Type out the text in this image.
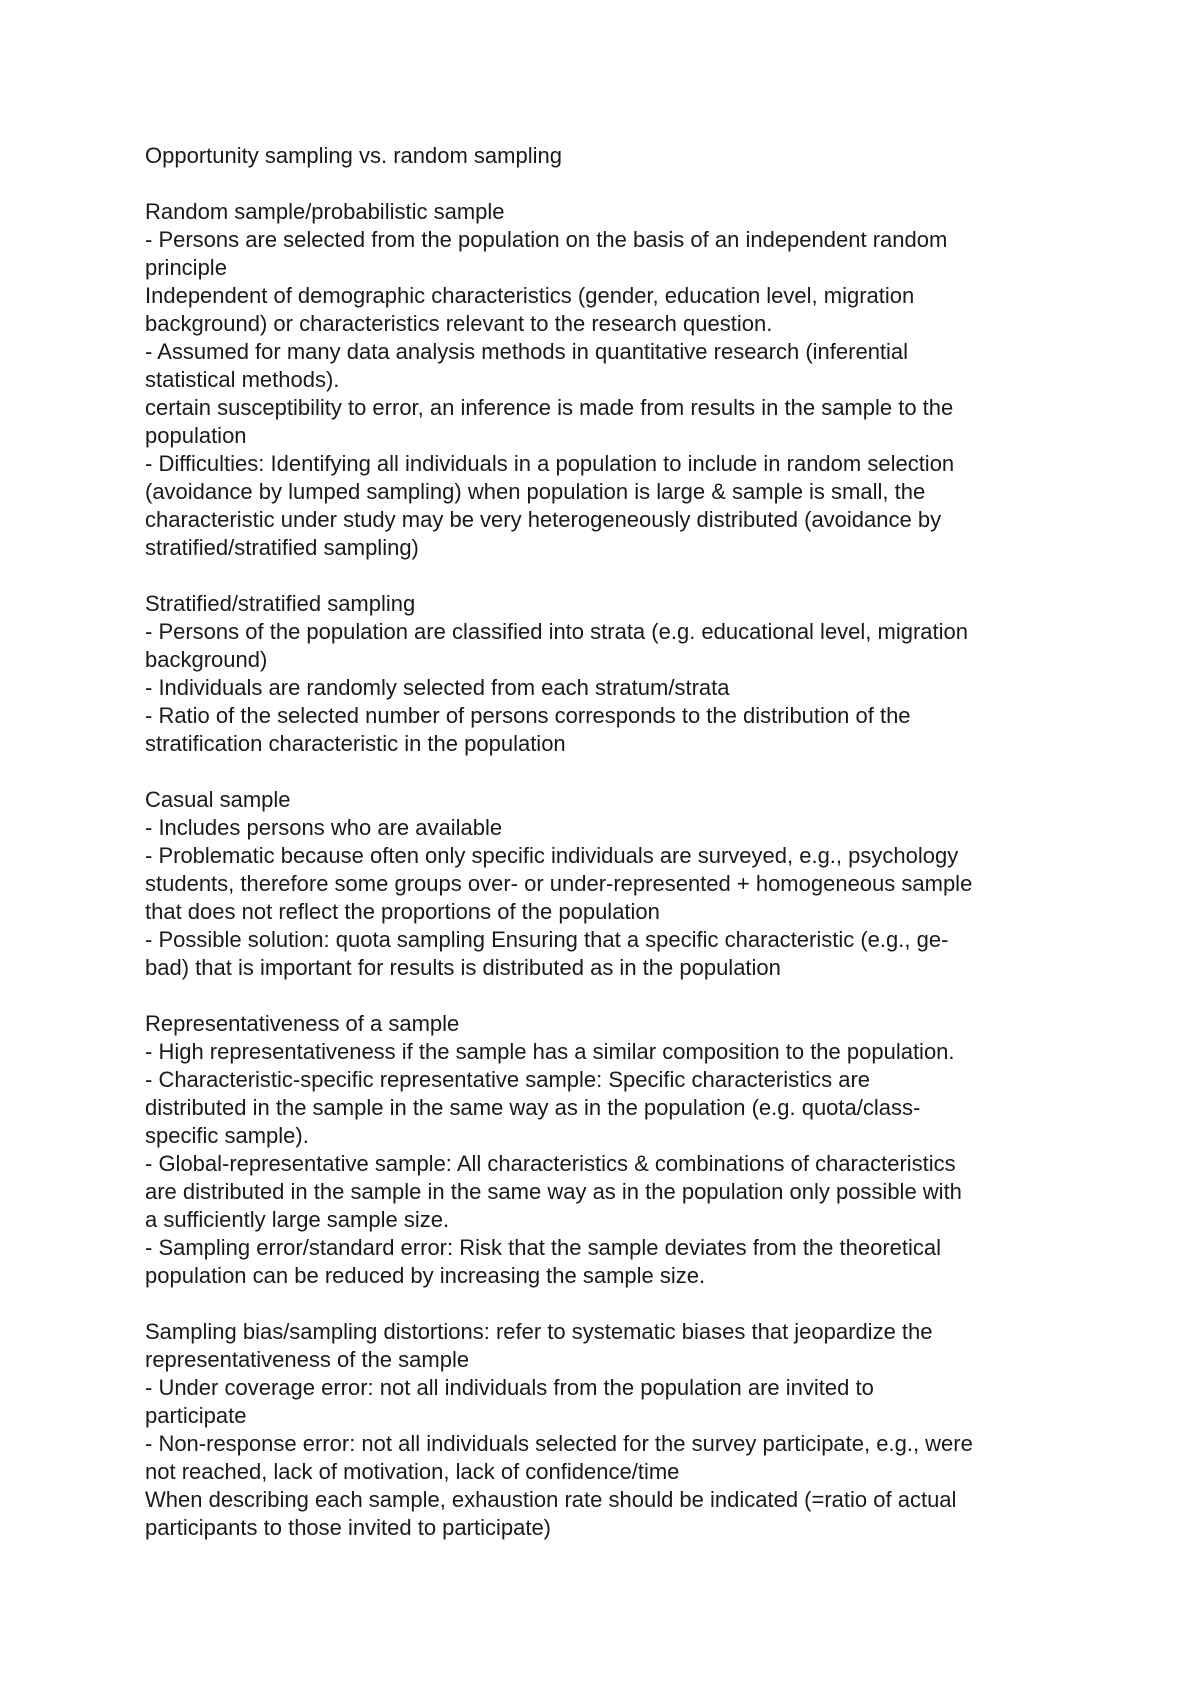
Opportunity sampling vs. random sampling
Random sample/probabilistic sample
- Persons are selected from the population on the basis of an independent random
principle
Independent of demographic characteristics (gender, education level, migration
background) or characteristics relevant to the research question.
- Assumed for many data analysis methods in quantitative research (inferential
statistical methods).
certain susceptibility to error, an inference is made from results in the sample to the
population
- Difficulties: Identifying all individuals in a population to include in random selection
(avoidance by lumped sampling) when population is large & sample is small, the
characteristic under study may be very heterogeneously distributed (avoidance by
stratified/stratified sampling)
Stratified/stratified sampling
- Persons of the population are classified into strata (e.g. educational level, migration
background)
- Individuals are randomly selected from each stratum/strata
- Ratio of the selected number of persons corresponds to the distribution of the
stratification characteristic in the population
Casual sample
- Includes persons who are available
- Problematic because often only specific individuals are surveyed, e.g., psychology
students, therefore some groups over- or under-represented + homogeneous sample
that does not reflect the proportions of the population
- Possible solution: quota sampling Ensuring that a specific characteristic (e.g., ge-
bad) that is important for results is distributed as in the population
Representativeness of a sample
- High representativeness if the sample has a similar composition to the population.
- Characteristic-specific representative sample: Specific characteristics are
distributed in the sample in the same way as in the population (e.g. quota/class-
specific sample).
- Global-representative sample: All characteristics & combinations of characteristics
are distributed in the sample in the same way as in the population only possible with
a sufficiently large sample size.
- Sampling error/standard error: Risk that the sample deviates from the theoretical
population can be reduced by increasing the sample size.
Sampling bias/sampling distortions: refer to systematic biases that jeopardize the
representativeness of the sample
- Under coverage error: not all individuals from the population are invited to
participate
- Non-response error: not all individuals selected for the survey participate, e.g., were
not reached, lack of motivation, lack of confidence/time
When describing each sample, exhaustion rate should be indicated (=ratio of actual
participants to those invited to participate)
